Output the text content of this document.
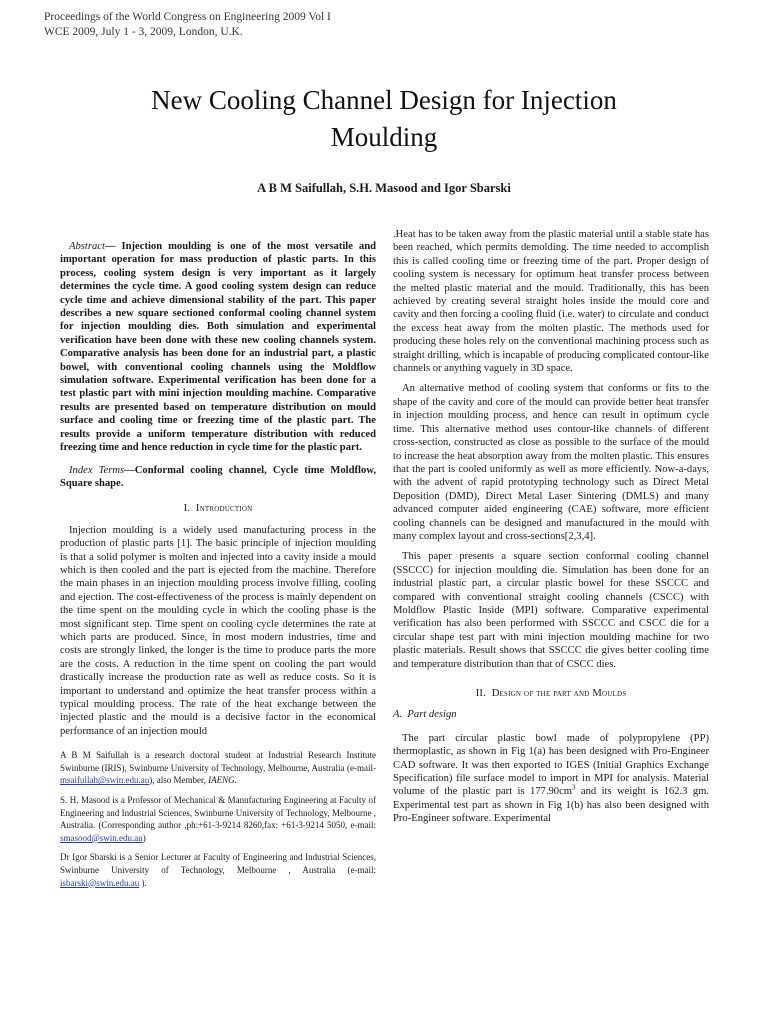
Proceedings of the World Congress on Engineering 2009 Vol I
WCE 2009, July 1 - 3, 2009, London, U.K.
New Cooling Channel Design for Injection
Moulding
A B M Saifullah, S.H. Masood and Igor Sbarski

Abstract— Injection moulding is one of the most versatile and important operation for mass production of plastic parts. In this process, cooling system design is very important as it largely determines the cycle time. A good cooling system design can reduce cycle time and achieve dimensional stability of the part. This paper describes a new square sectioned conformal cooling channel system for injection moulding dies. Both simulation and experimental verification have been done with these new cooling channels system. Comparative analysis has been done for an industrial part, a plastic bowel, with conventional cooling channels using the Moldflow simulation software. Experimental verification has been done for a test plastic part with mini injection moulding machine. Comparative results are presented based on temperature distribution on mould surface and cooling time or freezing time of the plastic part. The results provide a uniform temperature distribution with reduced freezing time and hence reduction in cycle time for the plastic part.

Index Terms—Conformal cooling channel, Cycle time Moldflow, Square shape.

I. Introduction

Injection moulding is a widely used manufacturing process in the production of plastic parts [1]. The basic principle of injection moulding is that a solid polymer is molten and injected into a cavity inside a mould which is then cooled and the part is ejected from the machine. Therefore the main phases in an injection moulding process involve filling, cooling and ejection. The cost-effectiveness of the process is mainly dependent on the time spent on the moulding cycle in which the cooling phase is the most significant step. Time spent on cooling cycle determines the rate at which parts are produced. Since, in most modern industries, time and costs are strongly linked, the longer is the time to produce parts the more are the costs. A reduction in the time spent on cooling the part would drastically increase the production rate as well as reduce costs. So it is important to understand and optimize the heat transfer process within a typical moulding process. The rate of the heat exchange between the injected plastic and the mould is a decisive factor in the economical performance of an injection mould

A B M Saifullah is a research doctoral student at Industrial Research Institute Swinburne (IRIS), Swinburne University of Technology, Melbourne, Australia (e-mail- msaifullah@swin.edu.au), also Member, IAENG.

S. H. Masood is a Professor of Mechanical & Manufacturing Engineering at Faculty of Engineering and Industrial Sciences, Swinburne University of Technology, Melbourne , Australia. (Corresponding author ,ph:+61-3-9214 8260,fax: +61-3-9214 5050, e-mail: smasood@swin.edu.au)

Dr Igor Sbarski is a Senior Lecturer at Faculty of Engineering and Industrial Sciences, Swinburne University of Technology, Melbourne , Australia (e-mail: isbarski@swin.edu.au ).

.Heat has to be taken away from the plastic material until a stable state has been reached, which permits demolding. The time needed to accomplish this is called cooling time or freezing time of the part. Proper design of cooling system is necessary for optimum heat transfer process between the melted plastic material and the mould. Traditionally, this has been achieved by creating several straight holes inside the mould core and cavity and then forcing a cooling fluid (i.e. water) to circulate and conduct the excess heat away from the molten plastic. The methods used for producing these holes rely on the conventional machining process such as straight drilling, which is incapable of producing complicated contour-like channels or anything vaguely in 3D space.

An alternative method of cooling system that conforms or fits to the shape of the cavity and core of the mould can provide better heat transfer in injection moulding process, and hence can result in optimum cycle time. This alternative method uses contour-like channels of different cross-section, constructed as close as possible to the surface of the mould to increase the heat absorption away from the molten plastic. This ensures that the part is cooled uniformly as well as more efficiently. Now-a-days, with the advent of rapid prototyping technology such as Direct Metal Deposition (DMD), Direct Metal Laser Sintering (DMLS) and many advanced computer aided engineering (CAE) software, more efficient cooling channels can be designed and manufactured in the mould with many complex layout and cross-sections[2,3,4].

This paper presents a square section conformal cooling channel (SSCCC) for injection moulding die. Simulation has been done for an industrial plastic part, a circular plastic bowel for these SSCCC and compared with conventional straight cooling channels (CSCC) with Moldflow Plastic Inside (MPI) software. Comparative experimental verification has also been performed with SSCCC and CSCC die for a circular shape test part with mini injection moulding machine for two plastic materials. Result shows that SSCCC die gives better cooling time and temperature distribution than that of CSCC dies.

II. Design of the part and Moulds
A. Part design

The part circular plastic bowl made of polypropylene (PP) thermoplastic, as shown in Fig 1(a) has been designed with Pro-Engineer CAD software. It was then exported to IGES (Initial Graphics Exchange Specification) file surface model to import in MPI for analysis. Material volume of the plastic part is $177.90cm^3$ and its weight is 162.3 gm. Experimental test part as shown in Fig 1(b) has also been designed with Pro-Engineer software. Experimental
